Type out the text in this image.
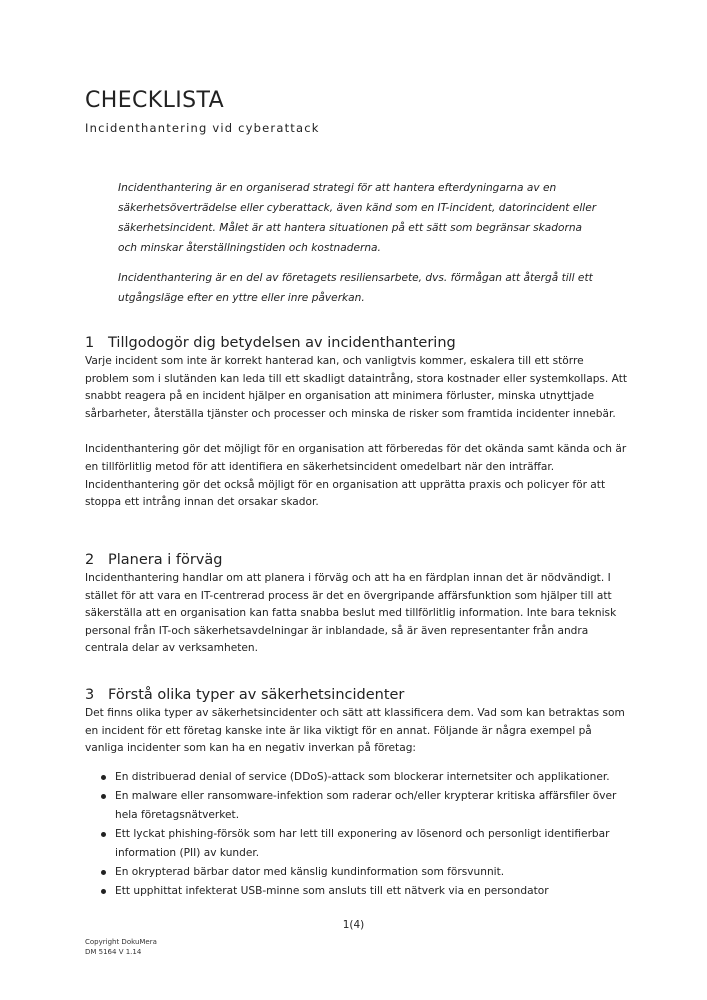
CHECKLISTA
Incidenthantering vid cyberattack

Incidenthantering är en organiserad strategi för att hantera efterdyningarna av en säkerhetsöverträdelse eller cyberattack, även känd som en IT-incident, datorincident eller säkerhetsincident. Målet är att hantera situationen på ett sätt som begränsar skadorna och minskar återställningstiden och kostnaderna.

Incidenthantering är en del av företagets resiliensarbete, dvs. förmågan att återgå till ett utgångsläge efter en yttre eller inre påverkan.

1 Tillgodogör dig betydelsen av incidenthantering

Varje incident som inte är korrekt hanterad kan, och vanligtvis kommer, eskalera till ett större problem som i slutänden kan leda till ett skadligt dataintrång, stora kostnader eller systemkollaps. Att snabbt reagera på en incident hjälper en organisation att minimera förluster, minska utnyttjade sårbarheter, återställa tjänster och processer och minska de risker som framtida incidenter innebär.

Incidenthantering gör det möjligt för en organisation att förberedas för det okända samt kända och är en tillförlitlig metod för att identifiera en säkerhetsincident omedelbart när den inträffar. Incidenthantering gör det också möjligt för en organisation att upprätta praxis och policyer för att stoppa ett intrång innan det orsakar skador.

2 Planera i förväg

Incidenthantering handlar om att planera i förväg och att ha en färdplan innan det är nödvändigt. I stället för att vara en IT-centrerad process är det en övergripande affärsfunktion som hjälper till att säkerställa att en organisation kan fatta snabba beslut med tillförlitlig information. Inte bara teknisk personal från IT-och säkerhetsavdelningar är inblandade, så är även representanter från andra centrala delar av verksamheten.

3 Förstå olika typer av säkerhetsincidenter

Det finns olika typer av säkerhetsincidenter och sätt att klassificera dem. Vad som kan betraktas som en incident för ett företag kanske inte är lika viktigt för en annat. Följande är några exempel på vanliga incidenter som kan ha en negativ inverkan på företag:

En distribuerad denial of service (DDoS)-attack som blockerar internetsiter och applikationer.
En malware eller ransomware-infektion som raderar och/eller krypterar kritiska affärsfiler över hela företagsnätverket.
Ett lyckat phishing-försök som har lett till exponering av lösenord och personligt identifierbar information (PII) av kunder.
En okrypterad bärbar dator med känslig kundinformation som försvunnit.
Ett upphittat infekterat USB-minne som ansluts till ett nätverk via en persondator
1(4)
Copyright DokuMera
DM 5164 V 1.14
